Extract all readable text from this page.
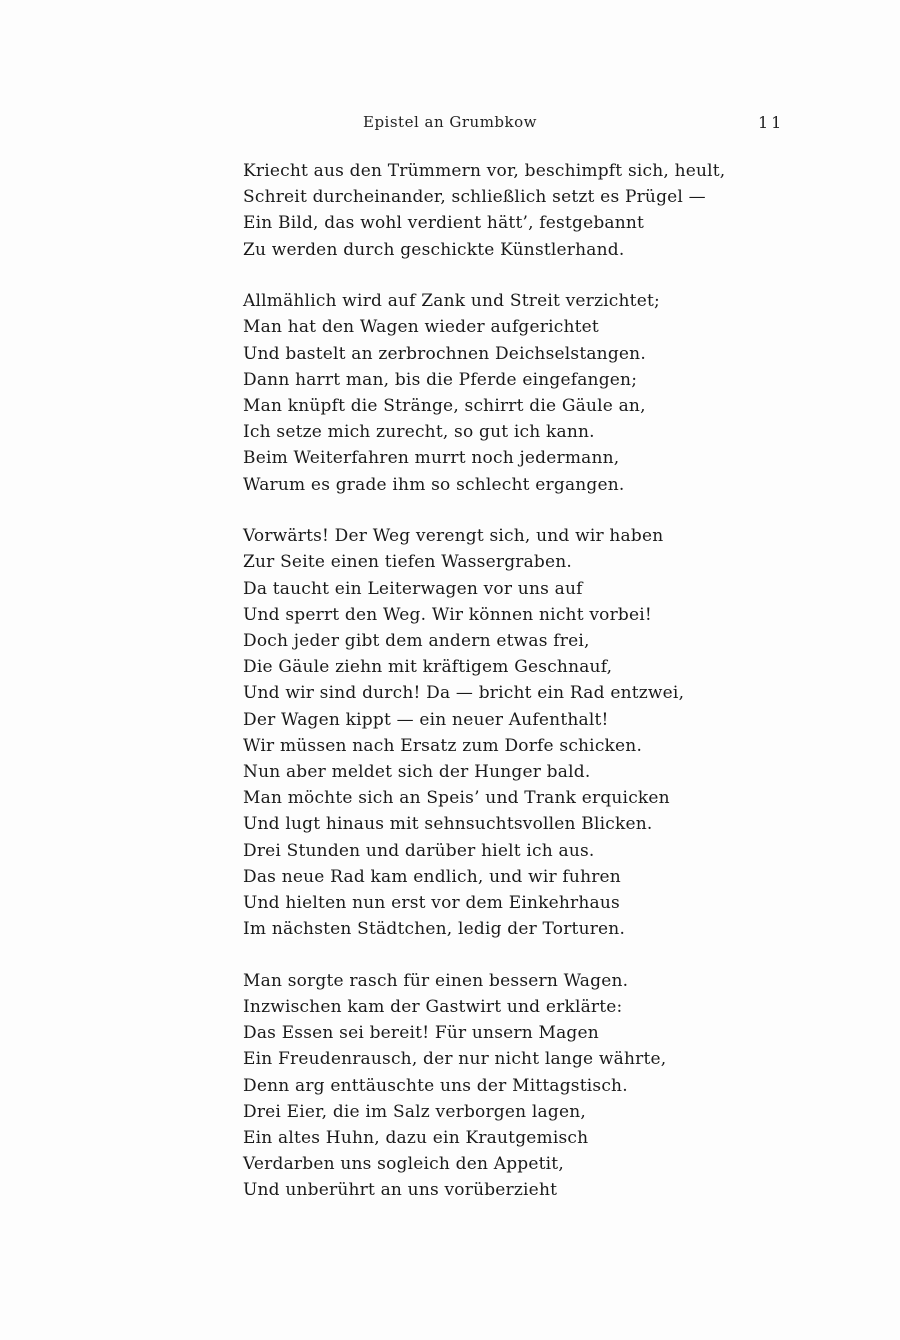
Epistel an Grumbkow	11
Kriecht aus den Trümmern vor, beschimpft sich, heult,
Schreit durcheinander, schließlich setzt es Prügel —
Ein Bild, das wohl verdient hätt’, festgebannt
Zu werden durch geschickte Künstlerhand.
Allmählich wird auf Zank und Streit verzichtet;
Man hat den Wagen wieder aufgerichtet
Und bastelt an zerbrochnen Deichselstangen.
Dann harrt man, bis die Pferde eingefangen;
Man knüpft die Stränge, schirrt die Gäule an,
Ich setze mich zurecht, so gut ich kann.
Beim Weiterfahren murrt noch jedermann,
Warum es grade ihm so schlecht ergangen.
Vorwärts! Der Weg verengt sich, und wir haben
Zur Seite einen tiefen Wassergraben.
Da taucht ein Leiterwagen vor uns auf
Und sperrt den Weg. Wir können nicht vorbei!
Doch jeder gibt dem andern etwas frei,
Die Gäule ziehn mit kräftigem Geschnauf,
Und wir sind durch! Da — bricht ein Rad entzwei,
Der Wagen kippt — ein neuer Aufenthalt!
Wir müssen nach Ersatz zum Dorfe schicken.
Nun aber meldet sich der Hunger bald.
Man möchte sich an Speis’ und Trank erquicken
Und lugt hinaus mit sehnsuchtsvollen Blicken.
Drei Stunden und darüber hielt ich aus.
Das neue Rad kam endlich, und wir fuhren
Und hielten nun erst vor dem Einkehrhaus
Im nächsten Städtchen, ledig der Torturen.
Man sorgte rasch für einen bessern Wagen.
Inzwischen kam der Gastwirt und erklärte:
Das Essen sei bereit! Für unsern Magen
Ein Freudenrausch, der nur nicht lange währte,
Denn arg enttäuschte uns der Mittagstisch.
Drei Eier, die im Salz verborgen lagen,
Ein altes Huhn, dazu ein Krautgemisch
Verdarben uns sogleich den Appetit,
Und unberührt an uns vorüberzieht
